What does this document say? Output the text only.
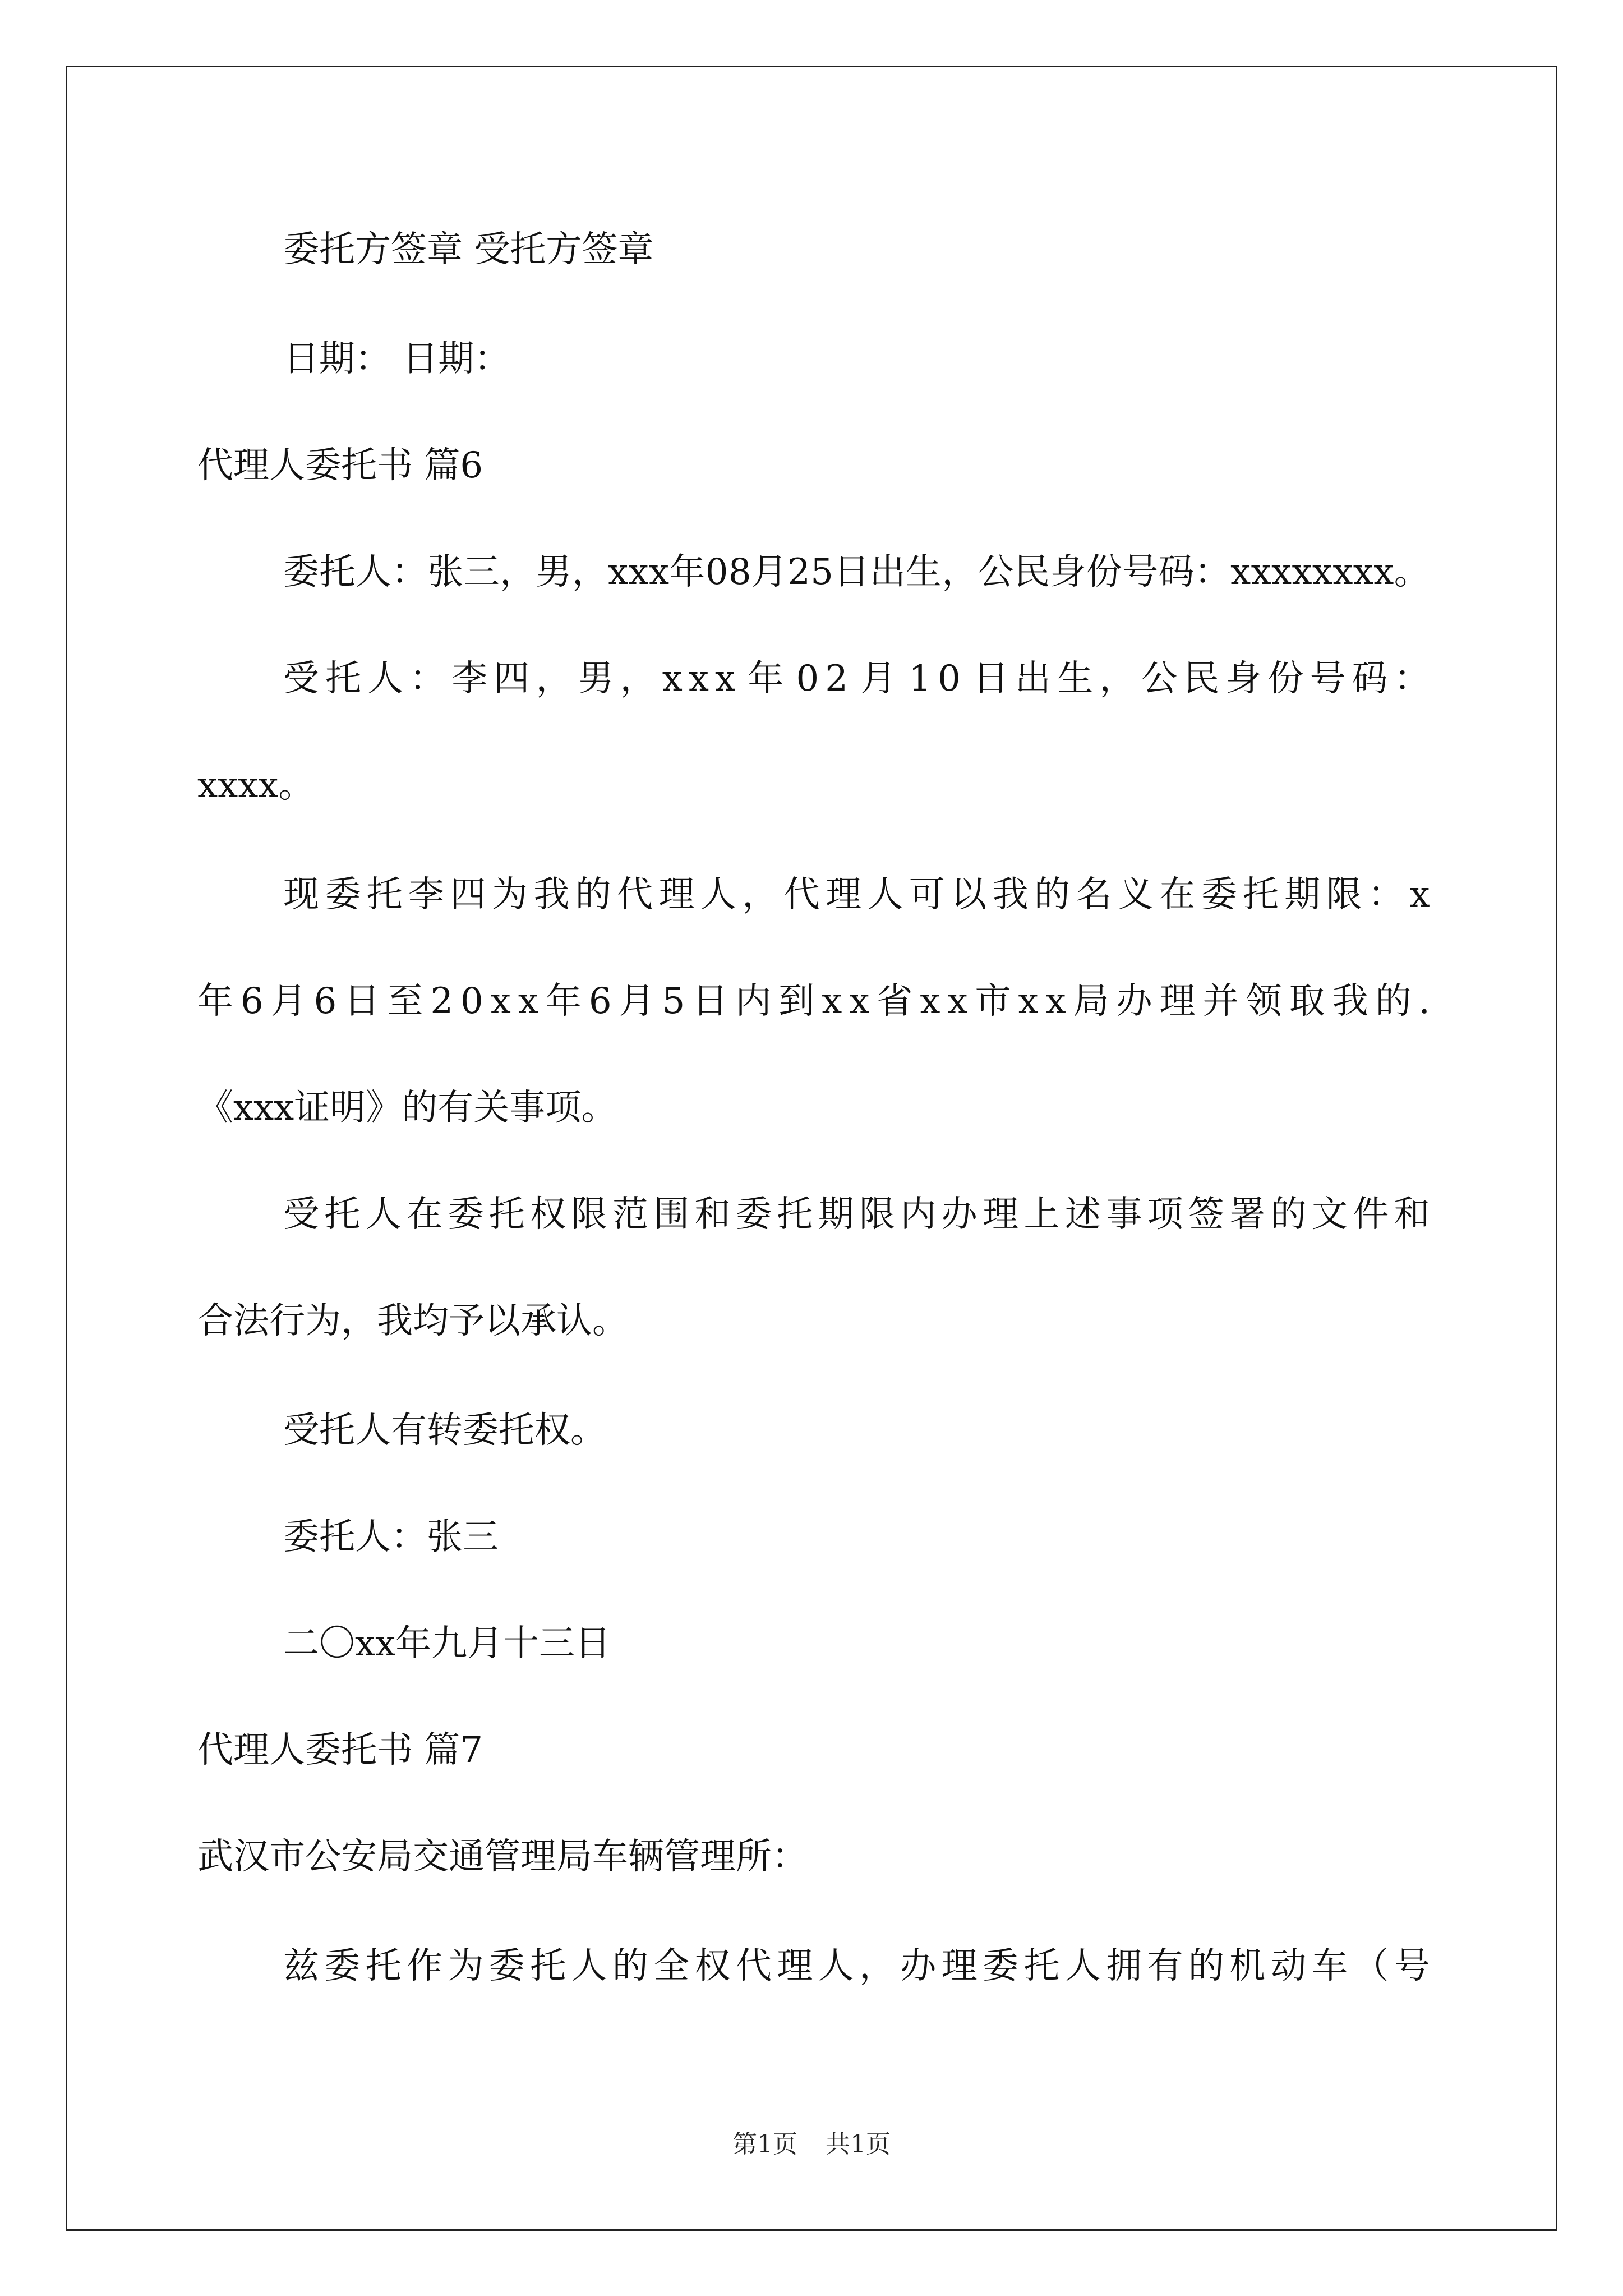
委托方签章 受托方签章
日期： 日期：
代理人委托书 篇6
委 托 人 ： 张 三 ， 男 ， x x x 年 0 8 月 2 5 日 出 生 ， 公 民 身 份 号 码 ： x x x x x x x x 。
受 托 人 ： 李 四 ， 男 ， x x x 年 0 2 月 1 0 日 出 生 ， 公 民 身 份 号 码 ：
xxxx。
现 委 托 李 四 为 我 的 代 理 人 ， 代 理 人 可 以 我 的 名 义 在 委 托 期 限 ： x
年 6 月 6 日 至 2 0 x x 年 6 月 5 日 内 到 x x 省 x x 市 x x 局 办 理 并 领 取 我 的 .
《xxx证明》的有关事项。
受 托 人 在 委 托 权 限 范 围 和 委 托 期 限 内 办 理 上 述 事 项 签 署 的 文 件 和
合法行为，我均予以承认。
受托人有转委托权。
委托人：张三
二〇xx年九月十三日
代理人委托书 篇7
武汉市公安局交通管理局车辆管理所：
兹 委 托 作 为 委 托 人 的 全 权 代 理 人 ， 办 理 委 托 人 拥 有 的 机 动 车 （ 号
第1页 共1页
